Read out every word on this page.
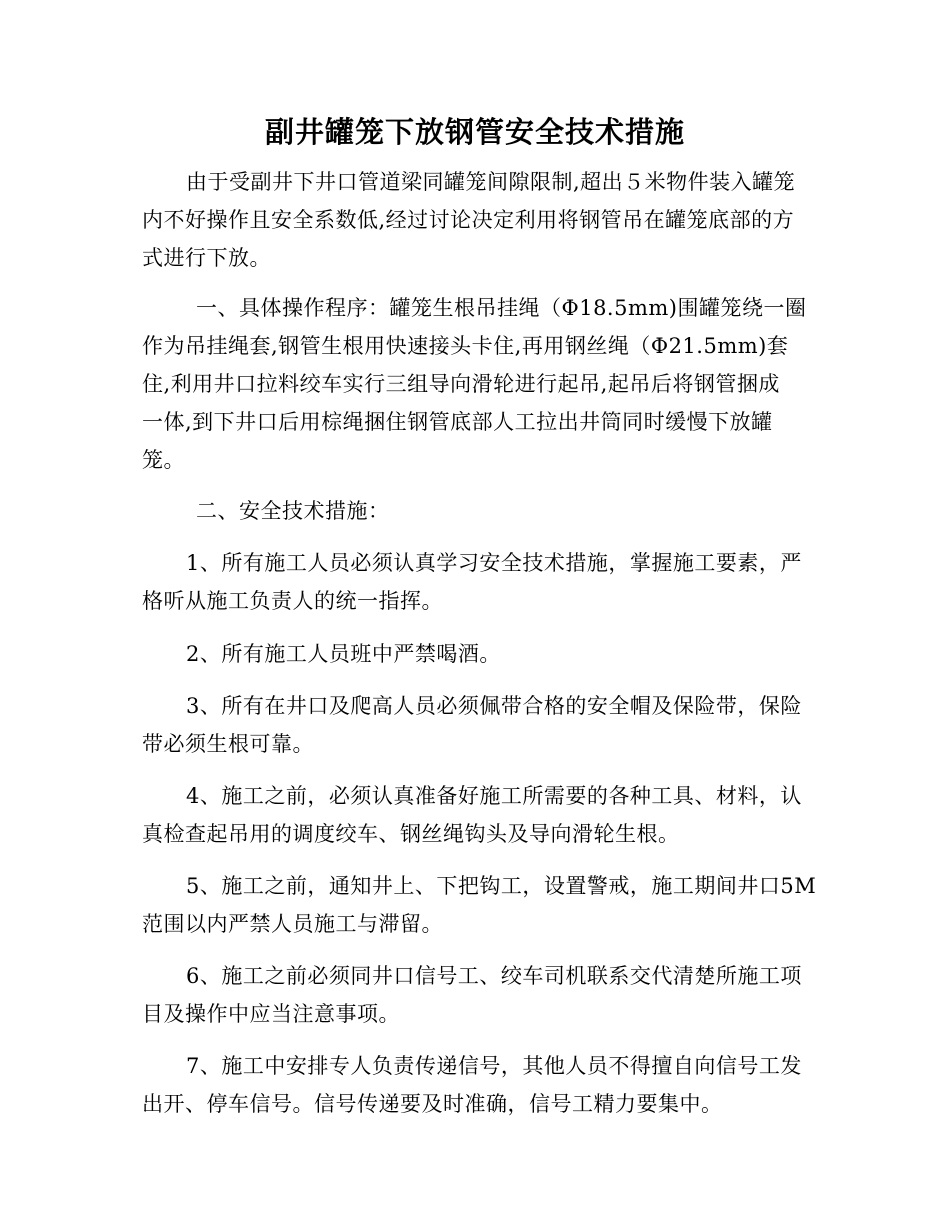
副井罐笼下放钢管安全技术措施
由于受副井下井口管道梁同罐笼间隙限制,超出５米物件装入罐笼
内不好操作且安全系数低,经过讨论决定利用将钢管吊在罐笼底部的方
式进行下放。
一、具体操作程序：罐笼生根吊挂绳（Φ18.5mm)围罐笼绕一圈
作为吊挂绳套,钢管生根用快速接头卡住,再用钢丝绳（Φ21.5mm)套
住,利用井口拉料绞车实行三组导向滑轮进行起吊,起吊后将钢管捆成
一体,到下井口后用棕绳捆住钢管底部人工拉出井筒同时缓慢下放罐
笼。
二、安全技术措施：
1、所有施工人员必须认真学习安全技术措施，掌握施工要素，严
格听从施工负责人的统一指挥。
2、所有施工人员班中严禁喝酒。
3、所有在井口及爬高人员必须佩带合格的安全帽及保险带，保险
带必须生根可靠。
4、施工之前，必须认真准备好施工所需要的各种工具、材料，认
真检查起吊用的调度绞车、钢丝绳钩头及导向滑轮生根。
5、施工之前，通知井上、下把钩工，设置警戒，施工期间井口5M
范围以内严禁人员施工与滞留。
6、施工之前必须同井口信号工、绞车司机联系交代清楚所施工项
目及操作中应当注意事项。
7、施工中安排专人负责传递信号，其他人员不得擅自向信号工发
出开、停车信号。信号传递要及时准确，信号工精力要集中。
